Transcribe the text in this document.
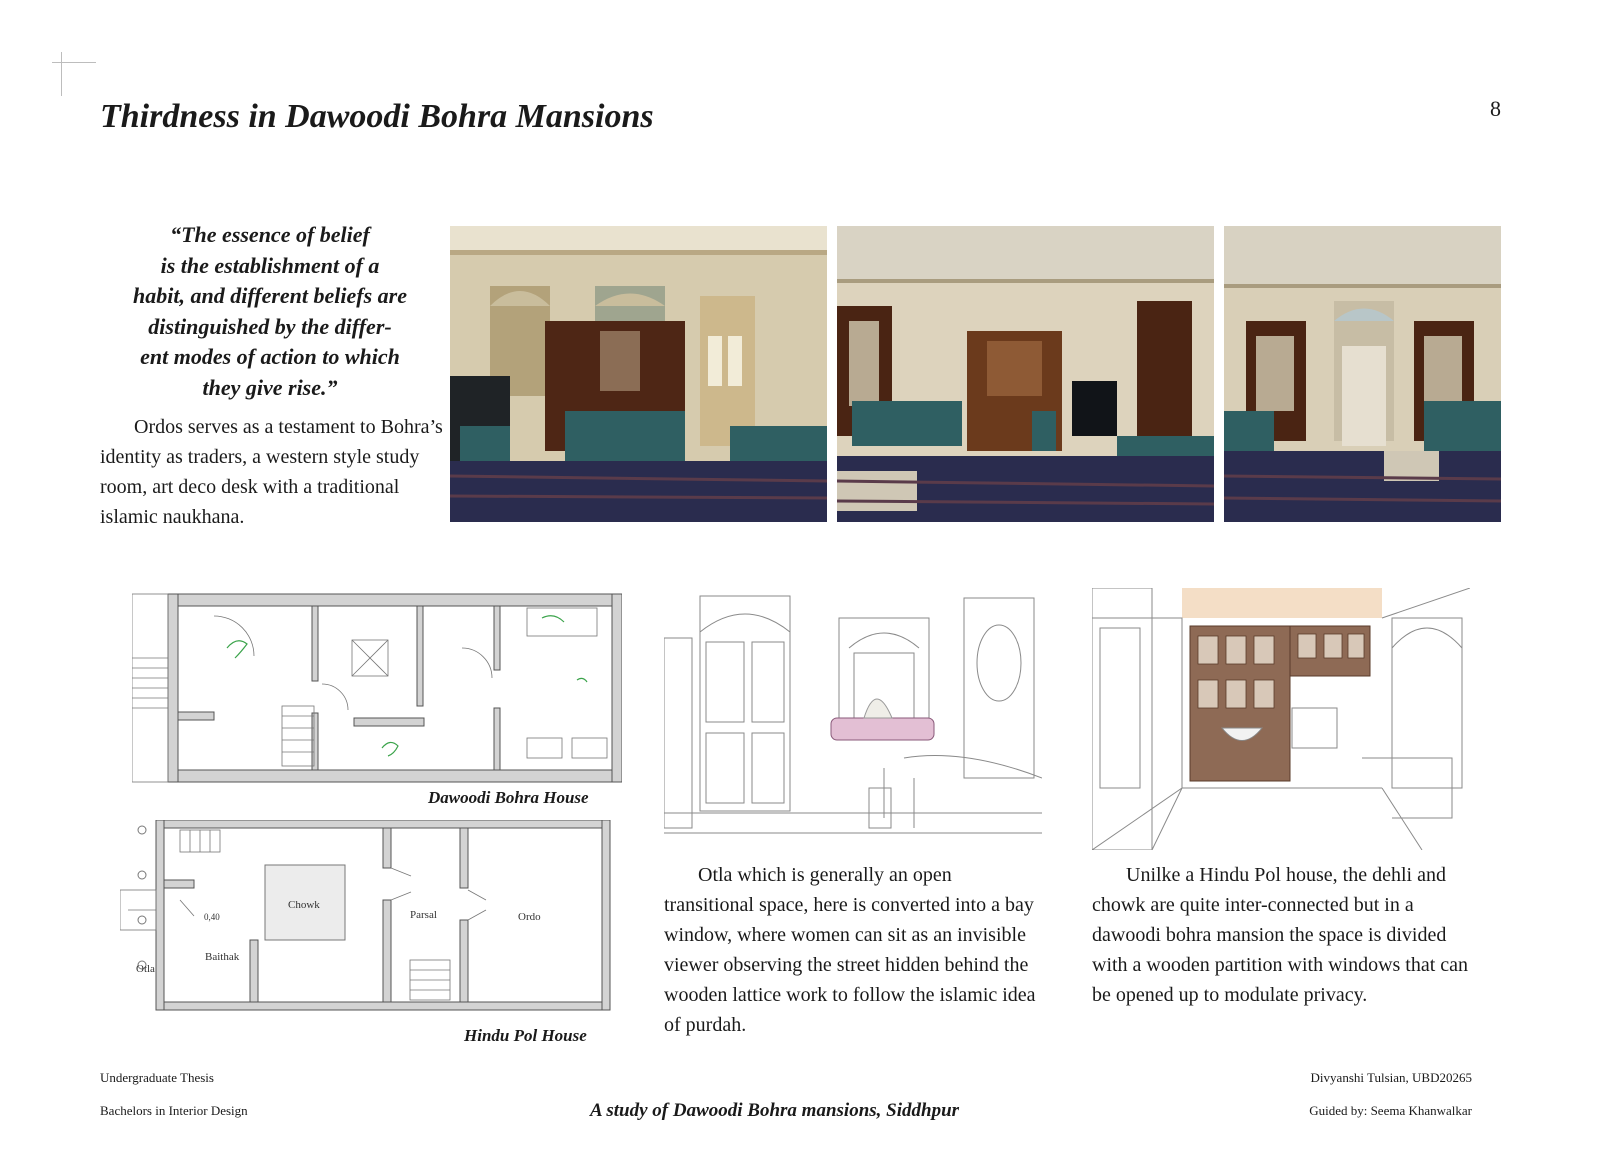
Thirdness in Dawoodi Bohra Mansions	8
“The essence of belief
is the establishment of a
habit, and different beliefs are
distinguished by the differ-
ent modes of action to which
they give rise.”
Ordos serves as a testament to Bohra’s identity as traders, a western style study room, art deco desk with a traditional islamic naukhana.
Dawoodi Bohra House
Chowk
Parsal	Ordo
Baithak
Otla
0,40
Hindu Pol House
Otla which is generally an open transitional space, here is converted into a bay window, where women can sit as an invisible viewer observing the street hidden behind the wooden lattice work to follow the islamic idea of purdah.
Unilke a Hindu Pol house, the dehli and chowk are quite inter-connected but in a dawoodi bohra mansion the space is divided with a wooden partition with windows that can be opened up to modulate privacy.
Undergraduate Thesis
Bachelors in Interior Design	A study of Dawoodi Bohra mansions, Siddhpur
Divyanshi Tulsian, UBD20265
Guided by: Seema Khanwalkar
